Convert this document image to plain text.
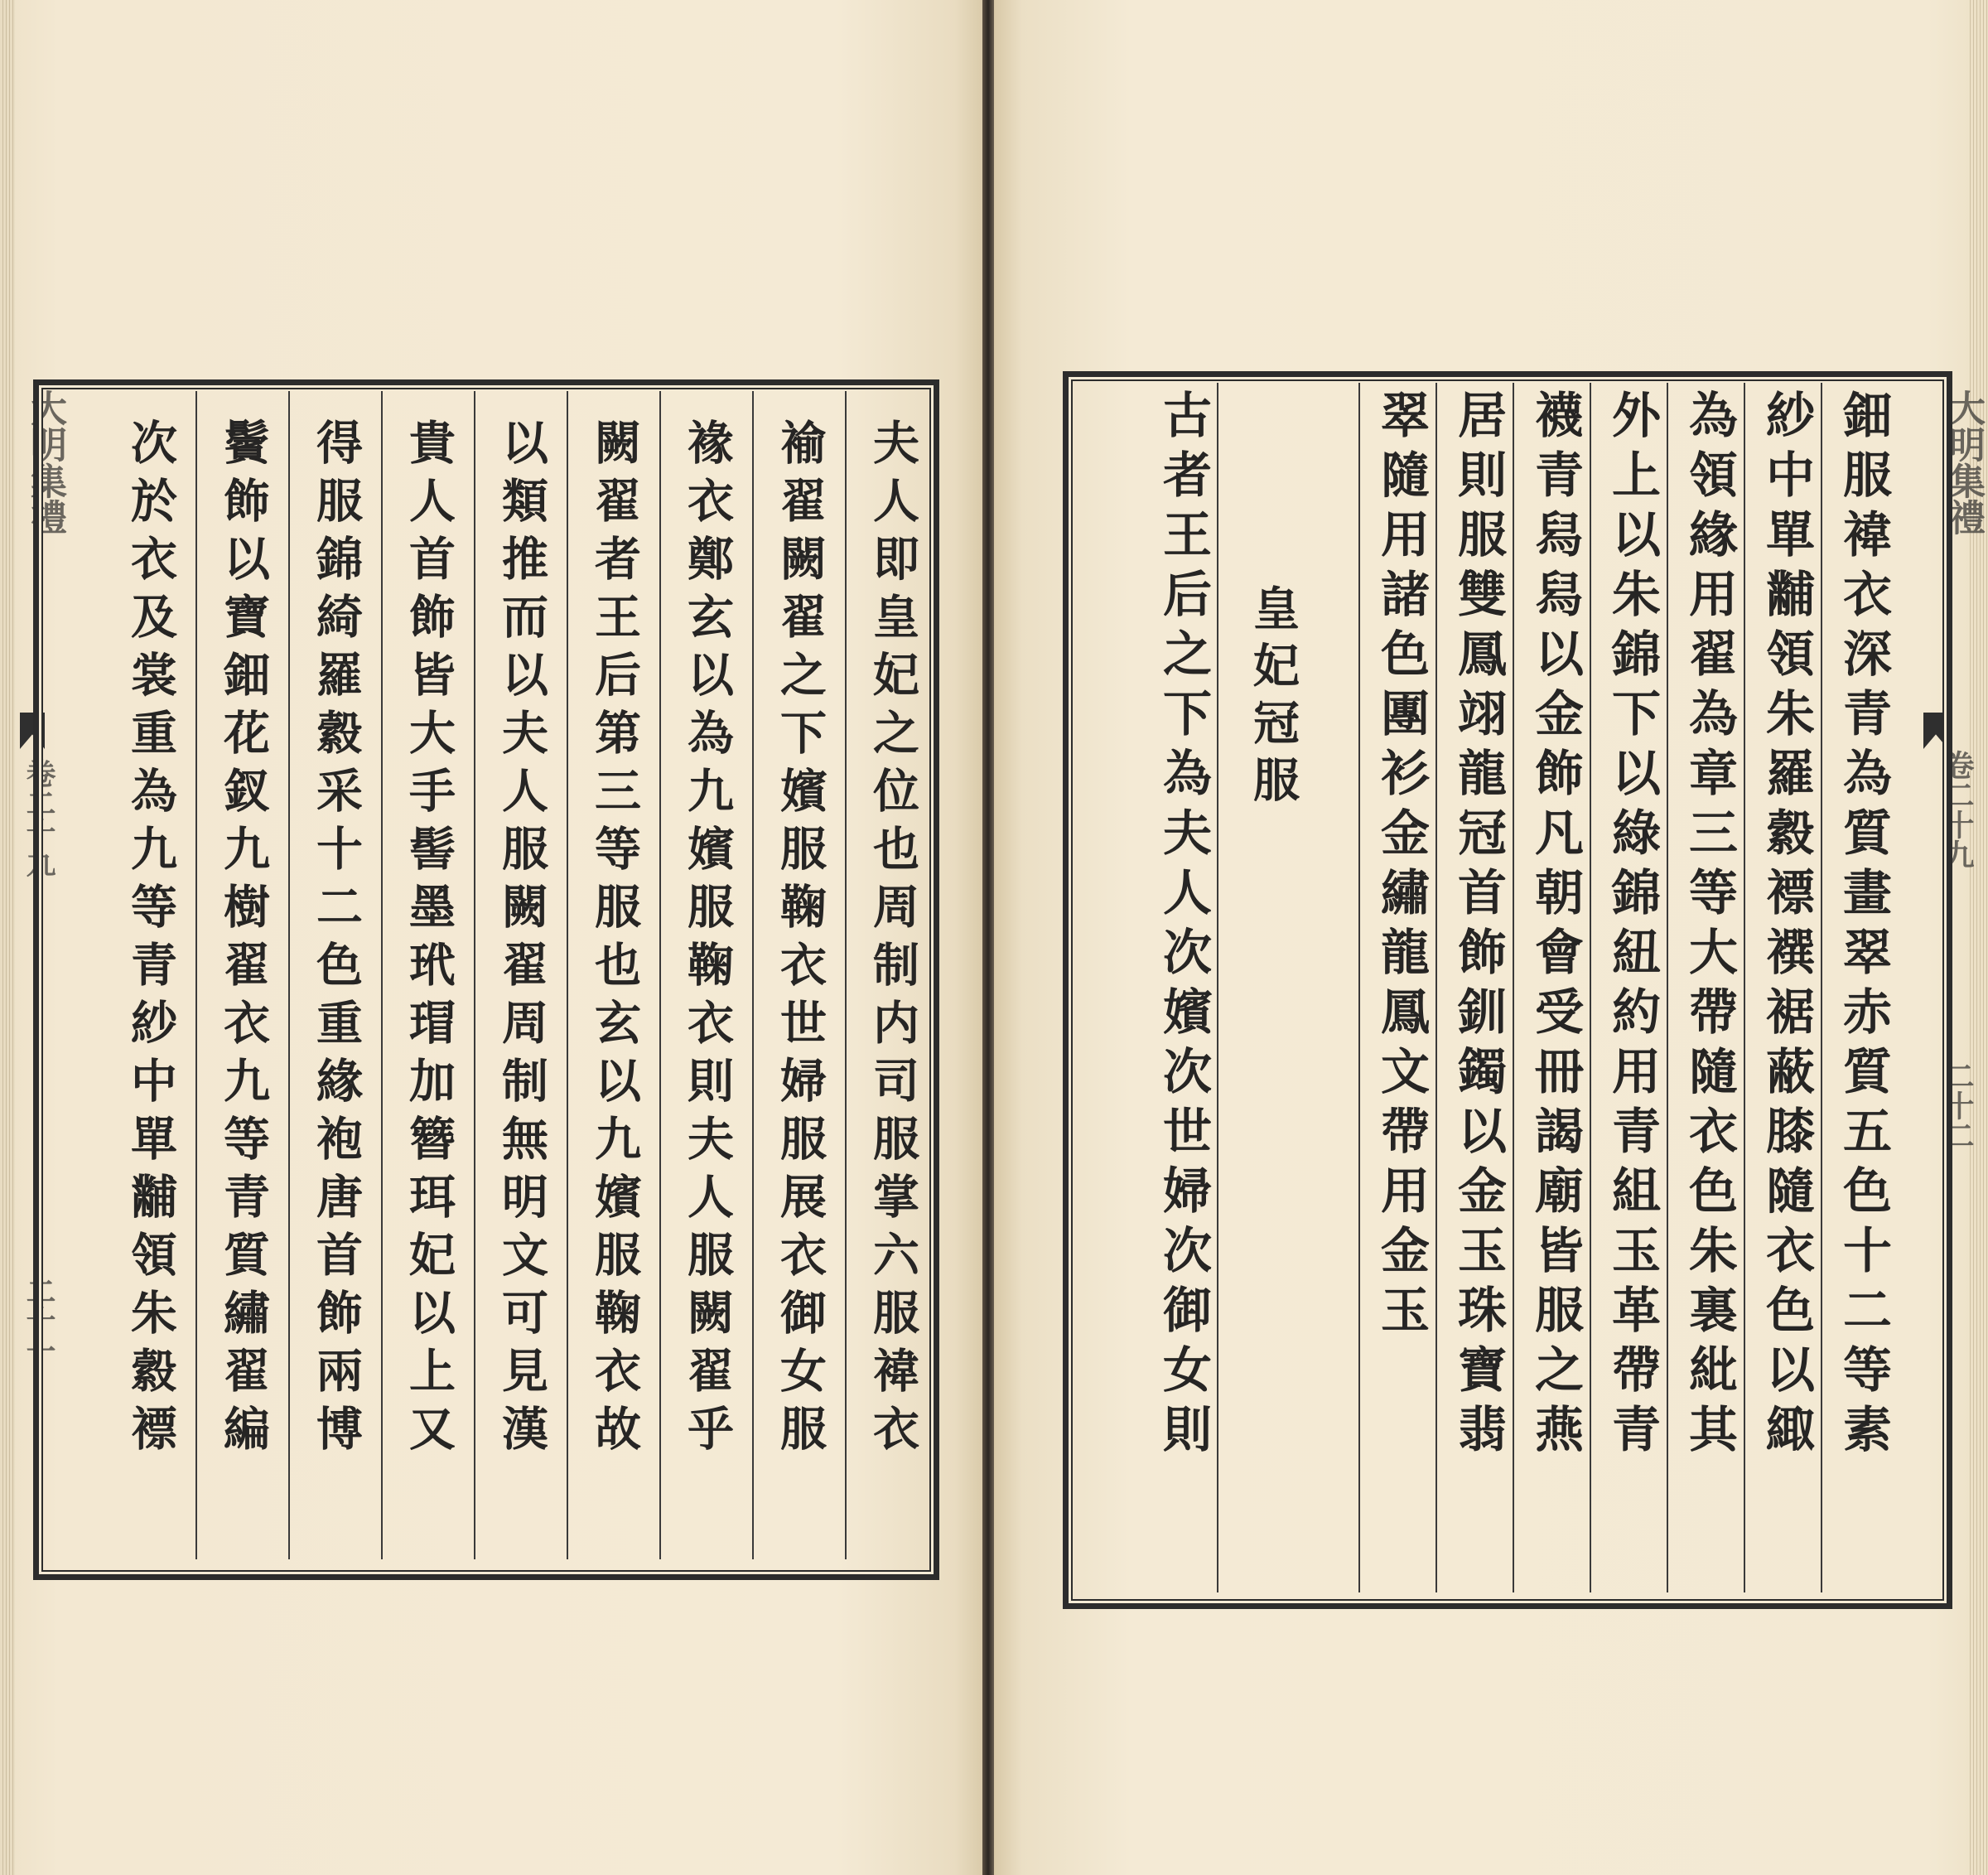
大明集禮
卷二十九
二十一
大明集禮
卷二十九
二十二
夫人即皇妃之位也周制内司服掌六服褘衣
褕翟闕翟之下嬪服鞠衣世婦服展衣御女服
褖衣鄭玄以為九嬪服鞠衣則夫人服闕翟乎
闕翟者王后第三等服也玄以九嬪服鞠衣故
以類推而以夫人服闕翟周制無明文可見漢
貴人首飾皆大手髻墨玳瑁加簪珥妃以上又
得服錦綺羅縠采十二色重緣袍唐首飾兩博
鬢飾以寶鈿花釵九樹翟衣九等青質繡翟編
次於衣及裳重為九等青紗中單黼領朱縠褾	鈿服褘衣深青為質畫翠赤質五色十二等素
紗中單黼領朱羅縠褾襈裾蔽膝隨衣色以緅
為領緣用翟為章三等大帶隨衣色朱裏紕其
外上以朱錦下以綠錦紐約用青組玉革帶青
襪青舄舄以金飾凡朝會受冊謁廟皆服之燕
居則服雙鳳翊龍冠首飾釧鐲以金玉珠寶翡
翠隨用諸色團衫金繡龍鳳文帶用金玉
皇妃冠服
古者王后之下為夫人次嬪次世婦次御女則
